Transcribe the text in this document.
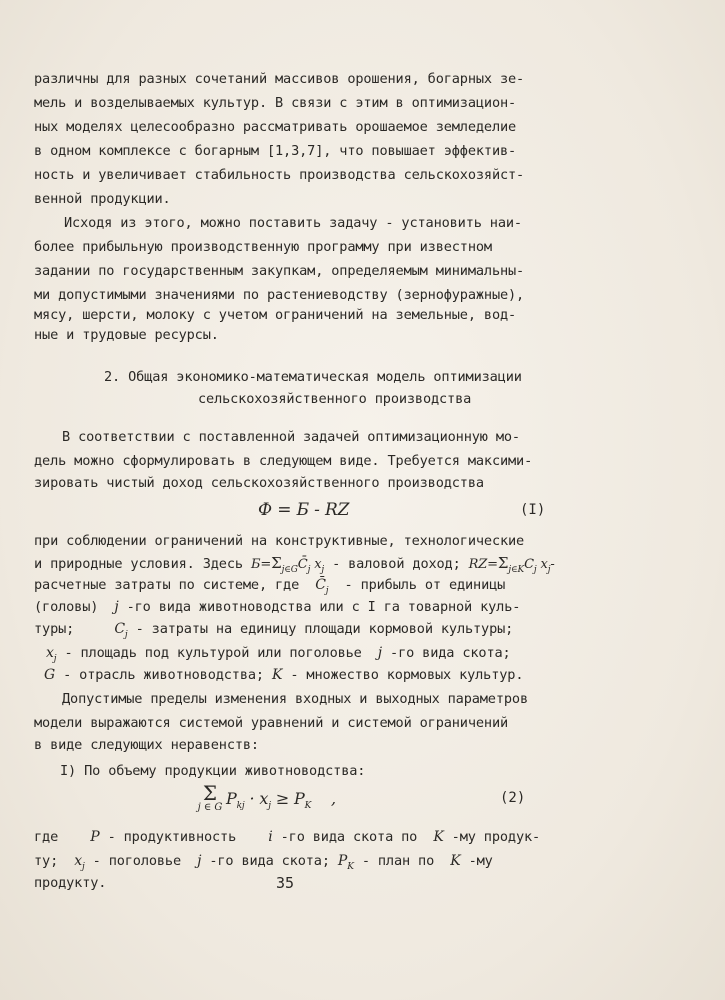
различны для разных сочетаний массивов орошения, богарных зе-
мель и возделываемых культур. В связи с этим в оптимизацион-
ных моделях целесообразно рассматривать орошаемое земледелие
в одном комплексе с богарным [1,3,7], что повышает эффектив-
ность и увеличивает стабильность производства сельскохозяйст-
венной продукции.
Исходя из этого, можно поставить задачу - установить наи-
более прибыльную производственную программу при известном
задании по государственным закупкам, определяемым минимальны-
ми допустимыми значениями по растениеводству (зернофуражные),
мясу, шерсти, молоку с учетом ограничений на земельные, вод-
ные и трудовые ресурсы.
2. Общая экономико-математическая модель оптимизации
сельскохозяйственного производства
В соответствии с поставленной задачей оптимизационную мо-
дель можно сформулировать в следующем виде. Требуется максими-
зировать чистый доход сельскохозяйственного производства
Ф = Б - RZ	(I)
при соблюдении ограничений на конструктивные, технологические
и природные условия. Здесь $Б=\Sigma_{j\in G}C̄_j$ $x_j$ - валовой доход; $RZ=\Sigma_{j\in K}C_j$ $x_j-$
расчетные затраты по системе, где $C̄_j$ - прибыль от единицы
(головы) j -го вида животноводства или с I га товарной куль-
туры;	$C_j$ - затраты на единицу площади кормовой культуры;
$x_j$ - площадь под культурой или поголовье j -го вида скота;
G - отрасль животноводства; K - множество кормовых культур.
Допустимые пределы изменения входных и выходных параметров
модели выражаются системой уравнений и системой ограничений
в виде следующих неравенств:
I) По объему продукции животноводства:
Σ
j ∈ G $P_{kj} \cdot x_j \ge P_K$ ,	(2)
где P - продуктивность i -го вида скота по K -му продук-
ту; $x_j$ - поголовье j -го вида скота; $P_K$ - план по K -му
продукту.	35
